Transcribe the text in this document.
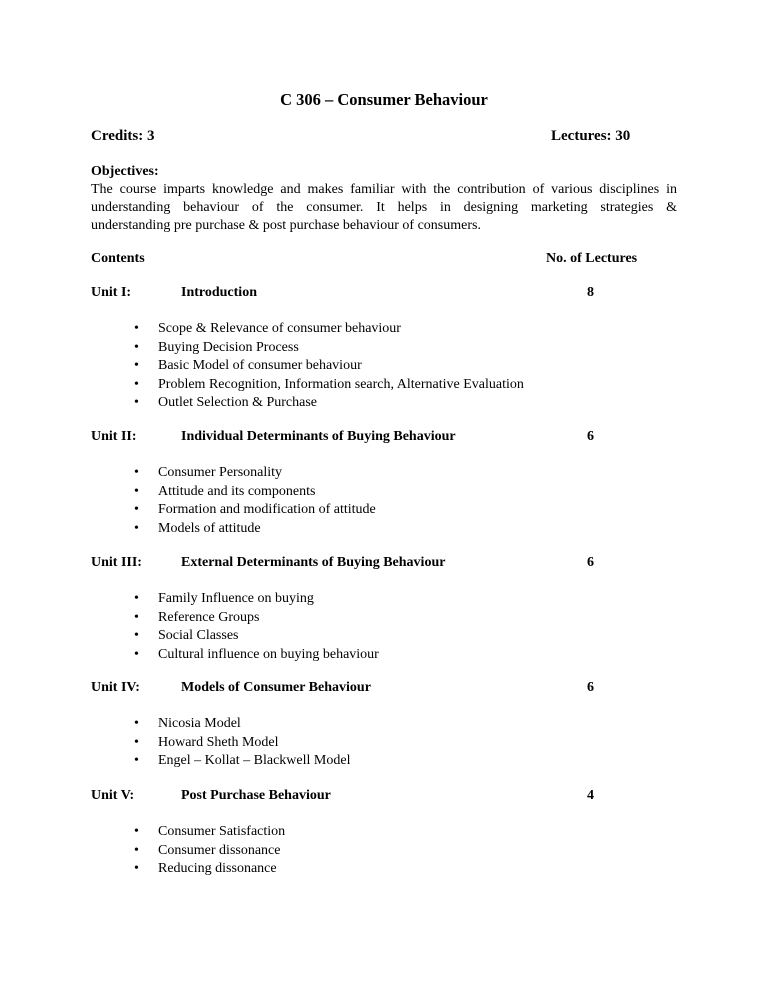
C 306 – Consumer Behaviour
Credits: 3	Lectures: 30
Objectives:
The course imparts knowledge and makes familiar with the contribution of various disciplines in
understanding behaviour of the consumer. It helps in designing marketing strategies &
understanding pre purchase & post purchase behaviour of consumers.
Contents	No. of Lectures
Unit I:	Introduction	8
• Scope & Relevance of consumer behaviour
• Buying Decision Process
• Basic Model of consumer behaviour
• Problem Recognition, Information search, Alternative Evaluation
• Outlet Selection & Purchase
Unit II:	Individual Determinants of Buying Behaviour	6
• Consumer Personality
• Attitude and its components
• Formation and modification of attitude
• Models of attitude
Unit III:	External Determinants of Buying Behaviour	6
• Family Influence on buying
• Reference Groups
• Social Classes
• Cultural influence on buying behaviour
Unit IV:	Models of Consumer Behaviour	6
• Nicosia Model
• Howard Sheth Model
• Engel – Kollat – Blackwell Model
Unit V:	Post Purchase Behaviour	4
• Consumer Satisfaction
• Consumer dissonance
• Reducing dissonance
